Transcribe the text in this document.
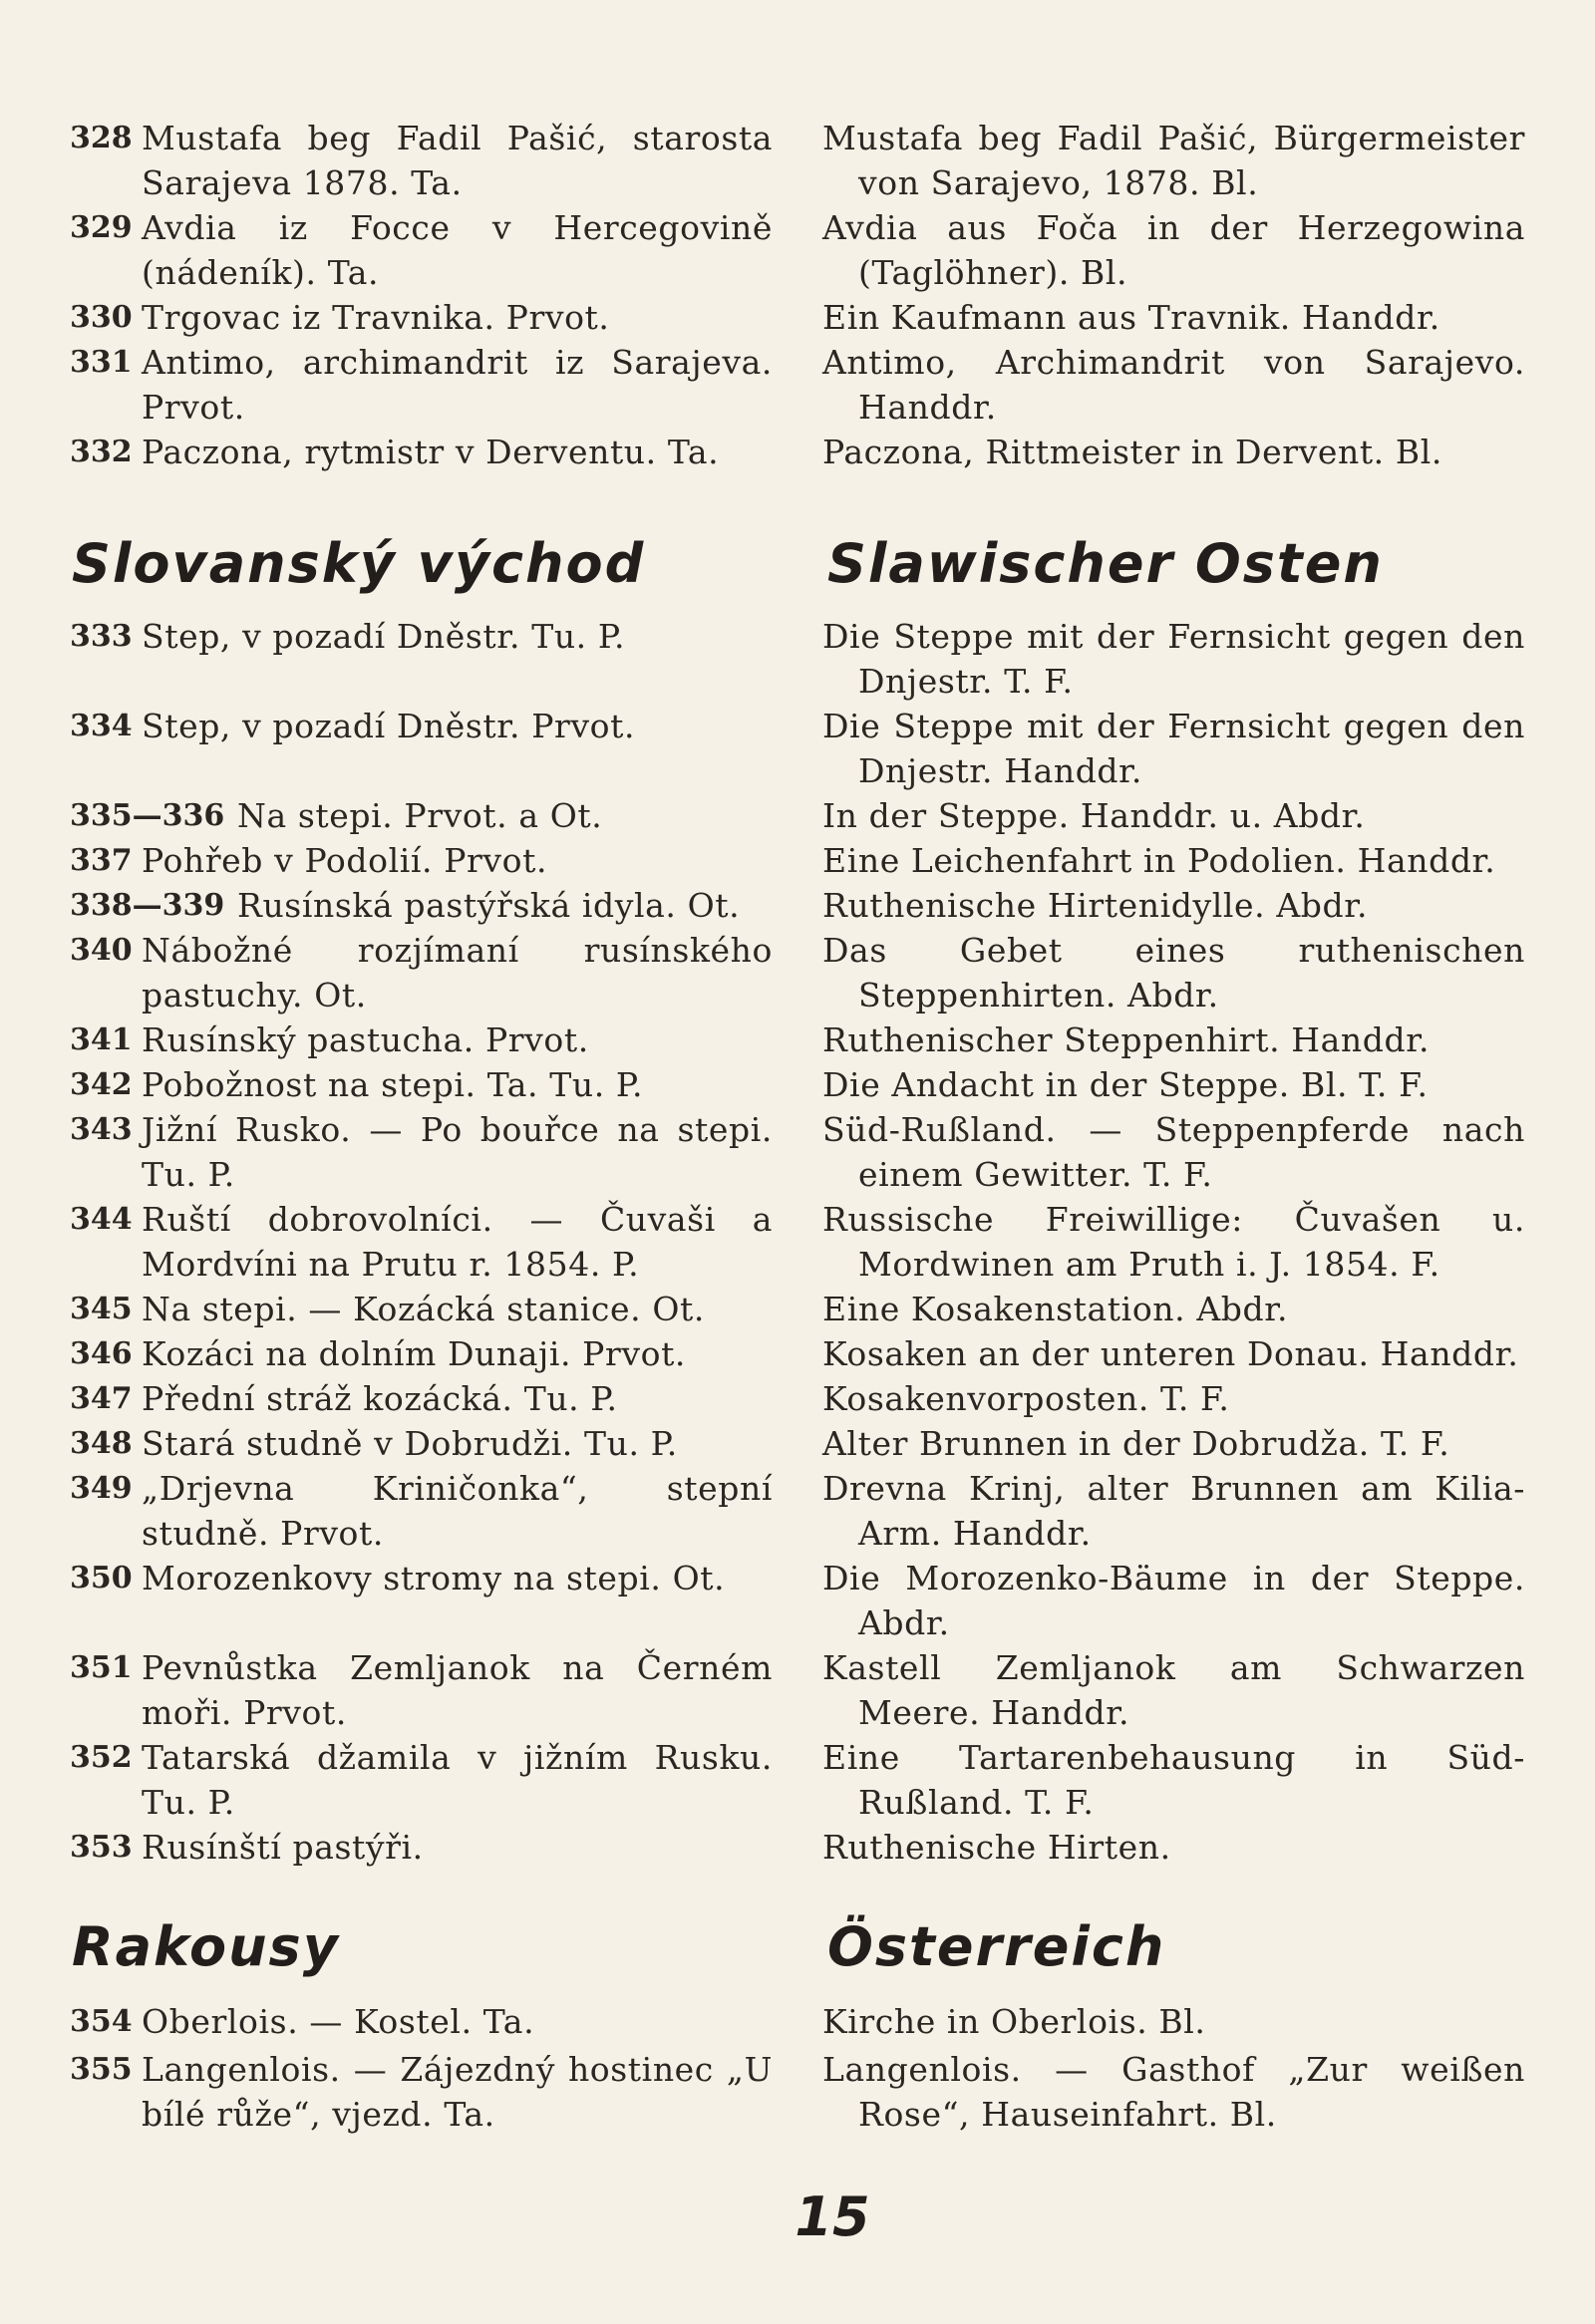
328 Mustafa beg Fadil Pašić, starosta Sarajeva 1878. Ta.
Mustafa beg Fadil Pašić, Bürgermeister von Sarajevo, 1878. Bl.
329 Avdia iz Focce v Hercegovině (nádeník). Ta.
Avdia aus Foča in der Herzegowina (Taglöhner). Bl.
330 Trgovac iz Travnika. Prvot.	Ein Kaufmann aus Travnik. Handdr.
331 Antimo, archimandrit iz Sarajeva. Prvot.
Antimo, Archimandrit von Sarajevo. Handdr.
332 Paczona, rytmistr v Derventu. Ta.	Paczona, Rittmeister in Dervent. Bl.
Slovanský východ	Slawischer Osten
333 Step, v pozadí Dněstr. Tu. P.	Die Steppe mit der Fernsicht gegen den Dnjestr. T. F.
334 Step, v pozadí Dněstr. Prvot.	Die Steppe mit der Fernsicht gegen den Dnjestr. Handdr.
335—336 Na stepi. Prvot. a Ot.	In der Steppe. Handdr. u. Abdr.
337 Pohřeb v Podolií. Prvot.	Eine Leichenfahrt in Podolien. Handdr.
338—339 Rusínská pastýřská idyla. Ot.	Ruthenische Hirtenidylle. Abdr.
340 Nábožné rozjímaní rusínského pastuchy. Ot.
Das Gebet eines ruthenischen Steppenhirten. Abdr.
341 Rusínský pastucha. Prvot.	Ruthenischer Steppenhirt. Handdr.
342 Pobožnost na stepi. Ta. Tu. P.	Die Andacht in der Steppe. Bl. T. F.
343 Jižní Rusko. — Po bouřce na stepi. Tu. P.
Süd-Rußland. — Steppenpferde nach einem Gewitter. T. F.
344 Ruští dobrovolníci. — Čuvaši a Mordvíni na Prutu r. 1854. P.
Russische Freiwillige: Čuvašen u. Mordwinen am Pruth i. J. 1854. F.
345 Na stepi. — Kozácká stanice. Ot.	Eine Kosakenstation. Abdr.
346 Kozáci na dolním Dunaji. Prvot.	Kosaken an der unteren Donau. Handdr.
347 Přední stráž kozácká. Tu. P.	Kosakenvorposten. T. F.
348 Stará studně v Dobrudži. Tu. P.	Alter Brunnen in der Dobrudža. T. F.
349 „Drjevna Kriničonka“, stepní studně. Prvot.
Drevna Krinj, alter Brunnen am Kilia-Arm. Handdr.
350 Morozenkovy stromy na stepi. Ot.	Die Morozenko-Bäume in der Steppe. Abdr.
351 Pevnůstka Zemljanok na Černém moři. Prvot.
Kastell Zemljanok am Schwarzen Meere. Handdr.
352 Tatarská džamila v jižním Rusku. Tu. P.
Eine Tartarenbehausung in Süd-Rußland. T. F.
353 Rusínští pastýři.	Ruthenische Hirten.
Rakousy	Österreich
354 Oberlois. — Kostel. Ta.	Kirche in Oberlois. Bl.
355 Langenlois. — Zájezdný hostinec „U bílé růže“, vjezd. Ta.
Langenlois. — Gasthof „Zur weißen Rose“, Hauseinfahrt. Bl.
15
